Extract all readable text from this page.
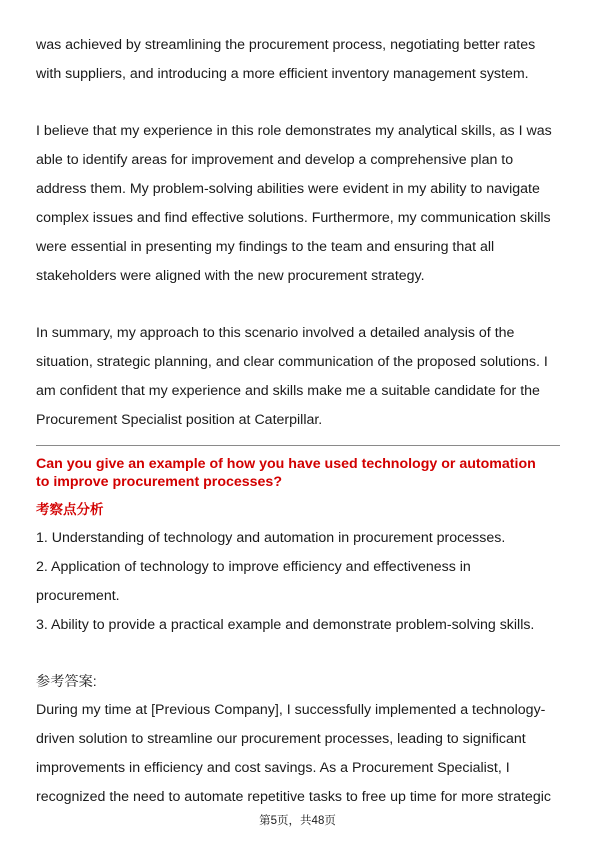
was achieved by streamlining the procurement process, negotiating better rates
with suppliers, and introducing a more efficient inventory management system.
I believe that my experience in this role demonstrates my analytical skills, as I was
able to identify areas for improvement and develop a comprehensive plan to
address them. My problem-solving abilities were evident in my ability to navigate
complex issues and find effective solutions. Furthermore, my communication skills
were essential in presenting my findings to the team and ensuring that all
stakeholders were aligned with the new procurement strategy.
In summary, my approach to this scenario involved a detailed analysis of the
situation, strategic planning, and clear communication of the proposed solutions. I
am confident that my experience and skills make me a suitable candidate for the
Procurement Specialist position at Caterpillar.
Can you give an example of how you have used technology or automation
to improve procurement processes?
考察点分析
1. Understanding of technology and automation in procurement processes.
2. Application of technology to improve efficiency and effectiveness in
procurement.
3. Ability to provide a practical example and demonstrate problem-solving skills.
参考答案:
During my time at [Previous Company], I successfully implemented a technology-
driven solution to streamline our procurement processes, leading to significant
improvements in efficiency and cost savings. As a Procurement Specialist, I
recognized the need to automate repetitive tasks to free up time for more strategic
第5页，共48页
